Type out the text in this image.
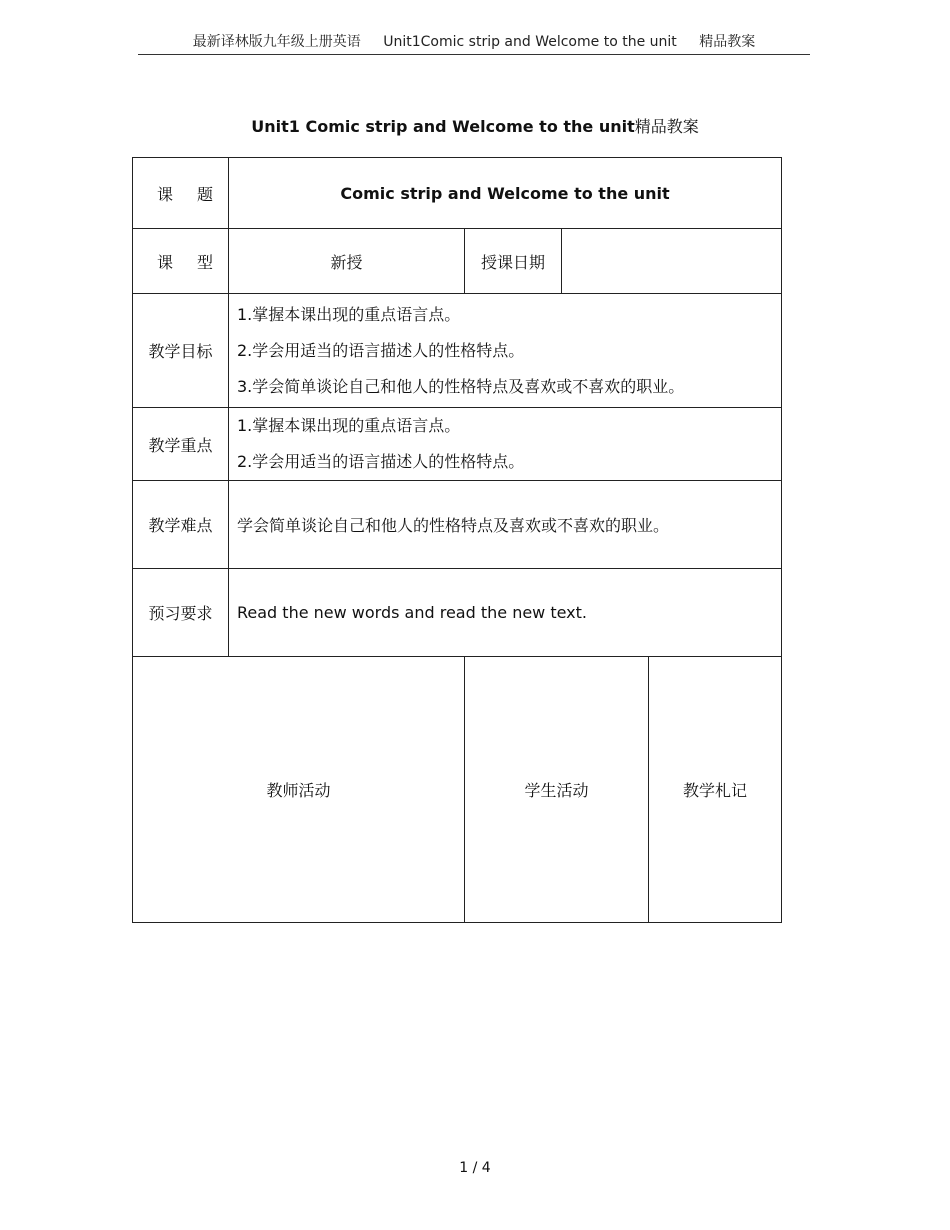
最新译林版九年级上册英语 Unit1Comic strip and Welcome to the unit 精品教案
Unit1 Comic strip and Welcome to the unit精品教案
课题	Comic strip and Welcome to the unit			
课型	新授	授课日期		
教学目标	1.掌握本课出现的重点语言点。
2.学会用适当的语言描述人的性格特点。
3.学会简单谈论自己和他人的性格特点及喜欢或不喜欢的职业。			

教学重点	1.掌握本课出现的重点语言点。
2.学会用适当的语言描述人的性格特点。			

教学难点	学会简单谈论自己和他人的性格特点及喜欢或不喜欢的职业。			
预习要求	Read the new words and read the new text.			
教师活动		学生活动		教学札记
1 / 4
